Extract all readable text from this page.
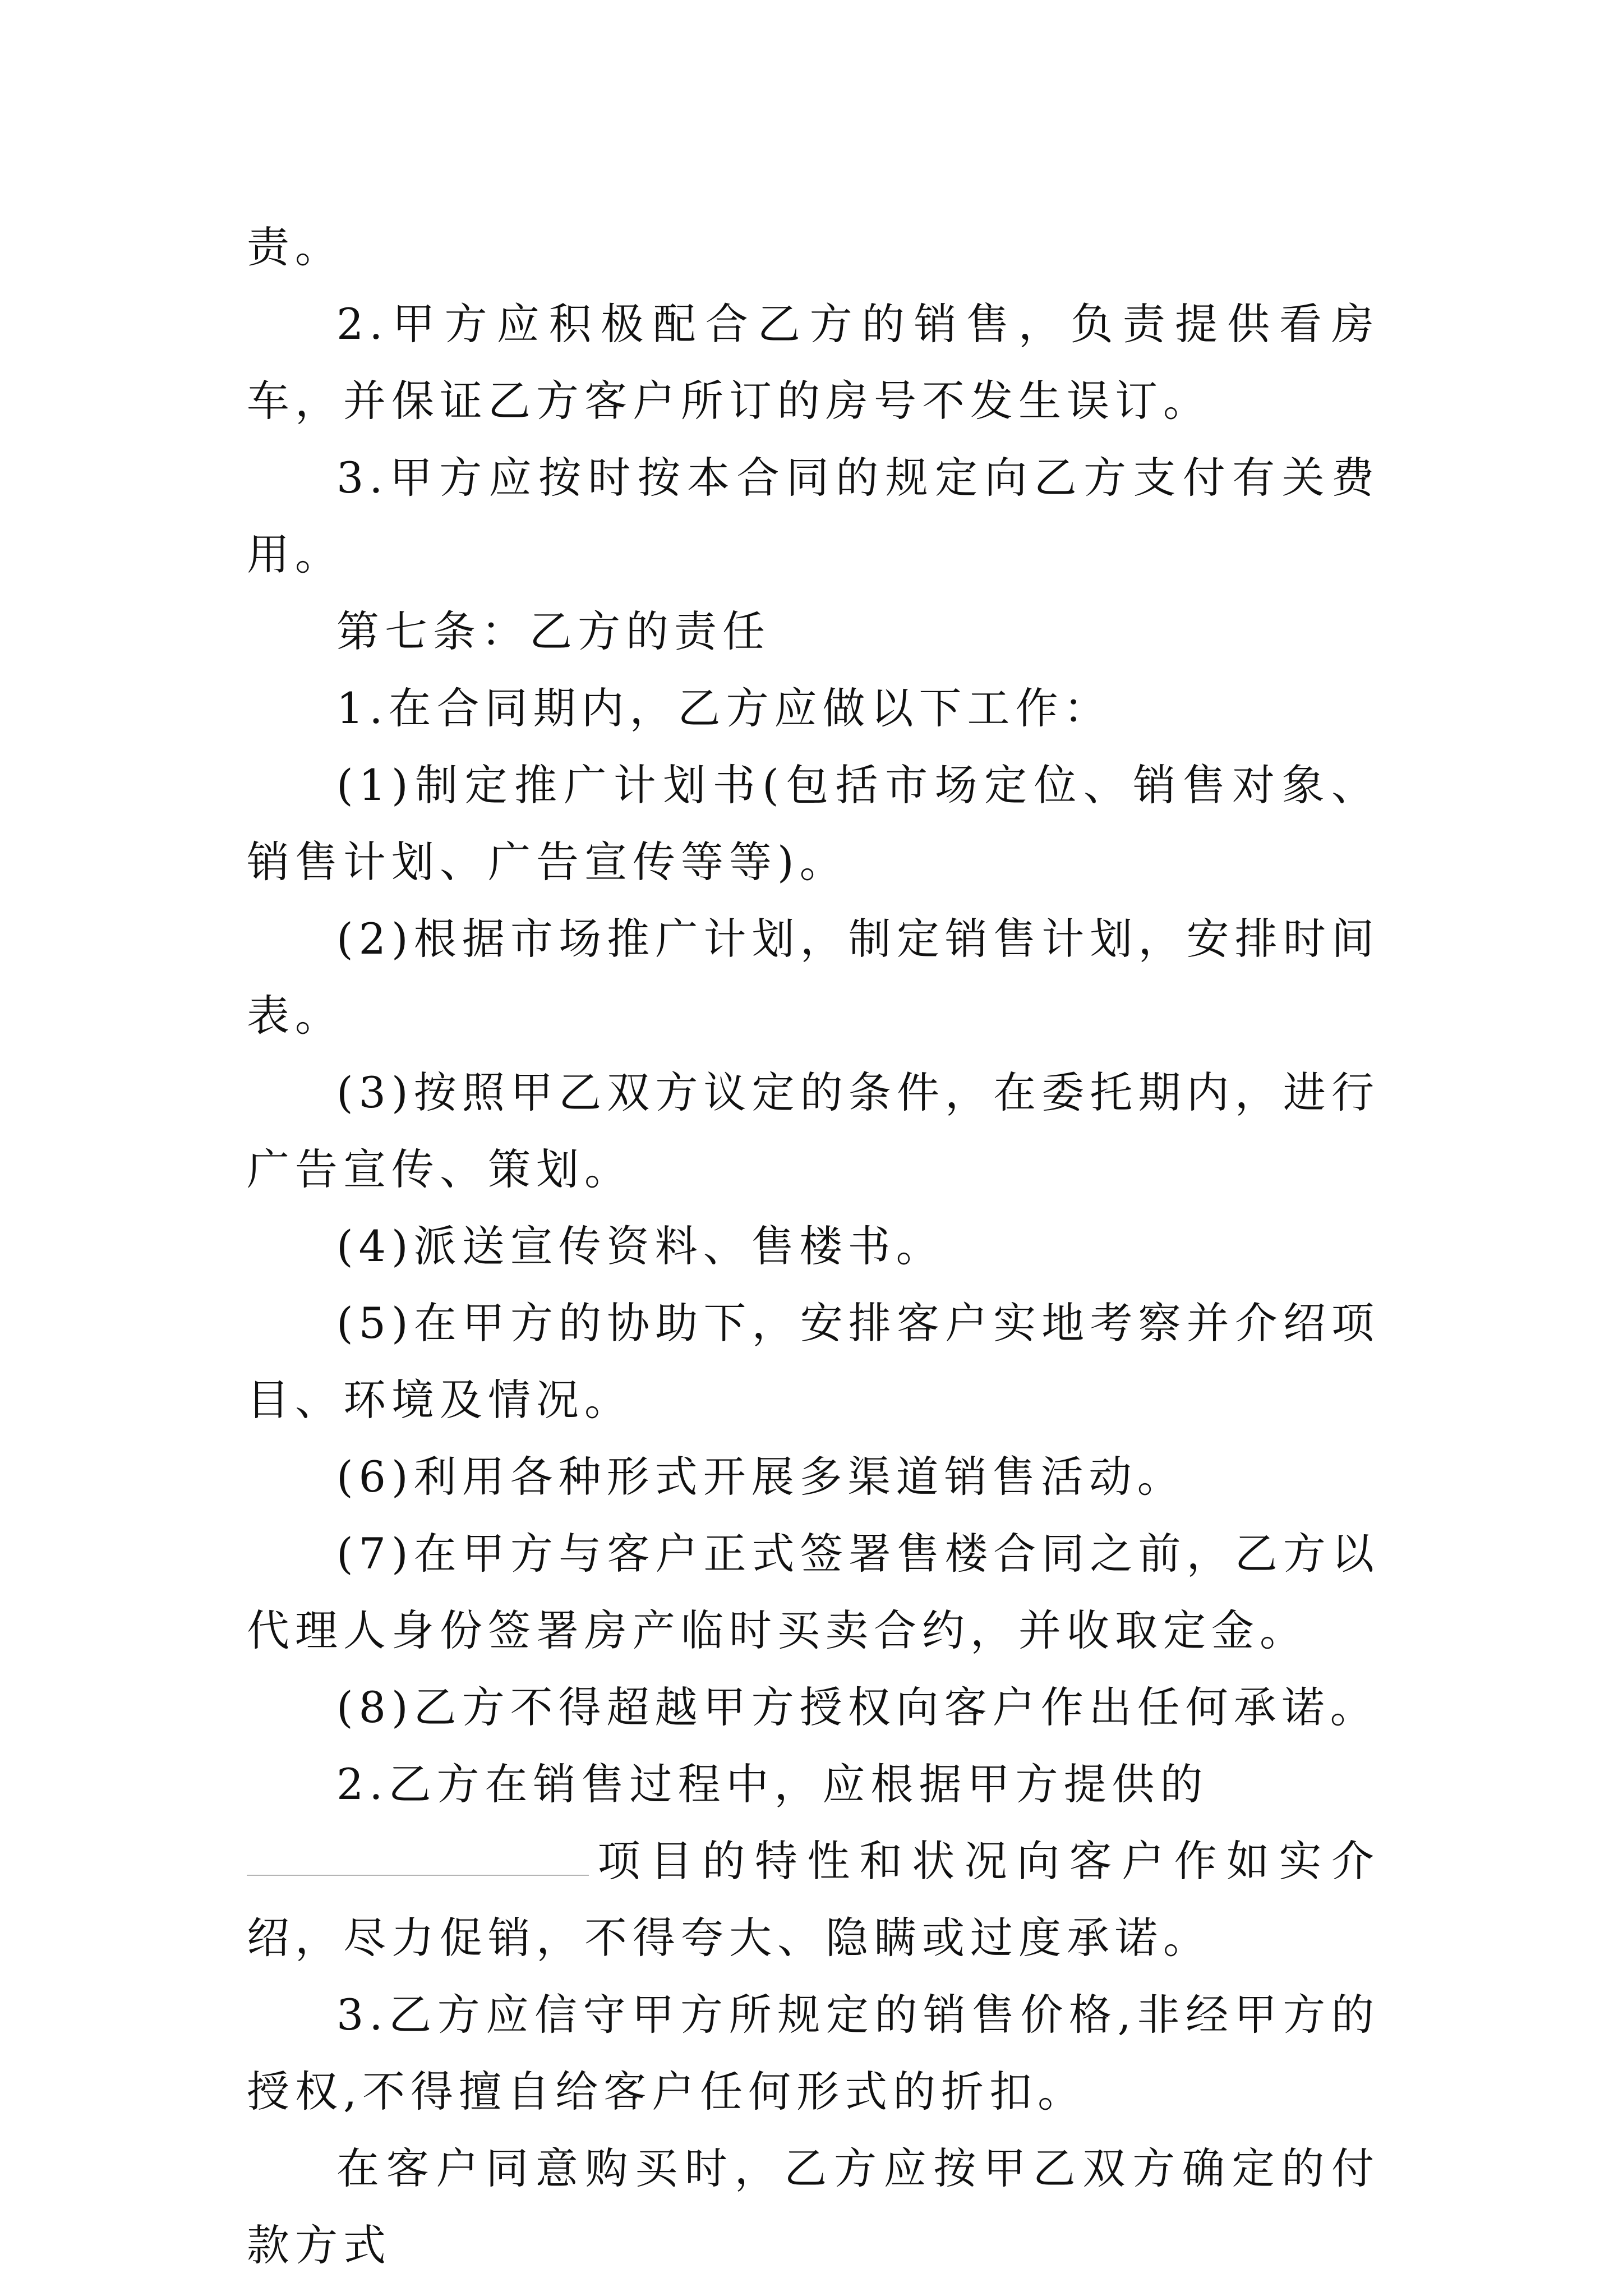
责。

2.甲方应积极配合乙方的销售，负责提供看房车，并保证乙方客户所订的房号不发生误订。

3.甲方应按时按本合同的规定向乙方支付有关费用。

第七条：乙方的责任

1.在合同期内，乙方应做以下工作：

(1)制定推广计划书(包括市场定位、销售对象、销售计划、广告宣传等等)。

(2)根据市场推广计划，制定销售计划，安排时间表。

(3)按照甲乙双方议定的条件，在委托期内，进行广告宣传、策划。

(4)派送宣传资料、售楼书。

(5)在甲方的协助下，安排客户实地考察并介绍项目、环境及情况。

(6)利用各种形式开展多渠道销售活动。

(7)在甲方与客户正式签署售楼合同之前，乙方以代理人身份签署房产临时买卖合约，并收取定金。

(8)乙方不得超越甲方授权向客户作出任何承诺。

2.乙方在销售过程中，应根据甲方提供的
项目的特性和状况向客户作如实介绍，尽力促销，不得夸大、隐瞒或过度承诺。

3.乙方应信守甲方所规定的销售价格,非经甲方的授权,不得擅自给客户任何形式的折扣。

在客户同意购买时，乙方应按甲乙双方确定的付款方式
